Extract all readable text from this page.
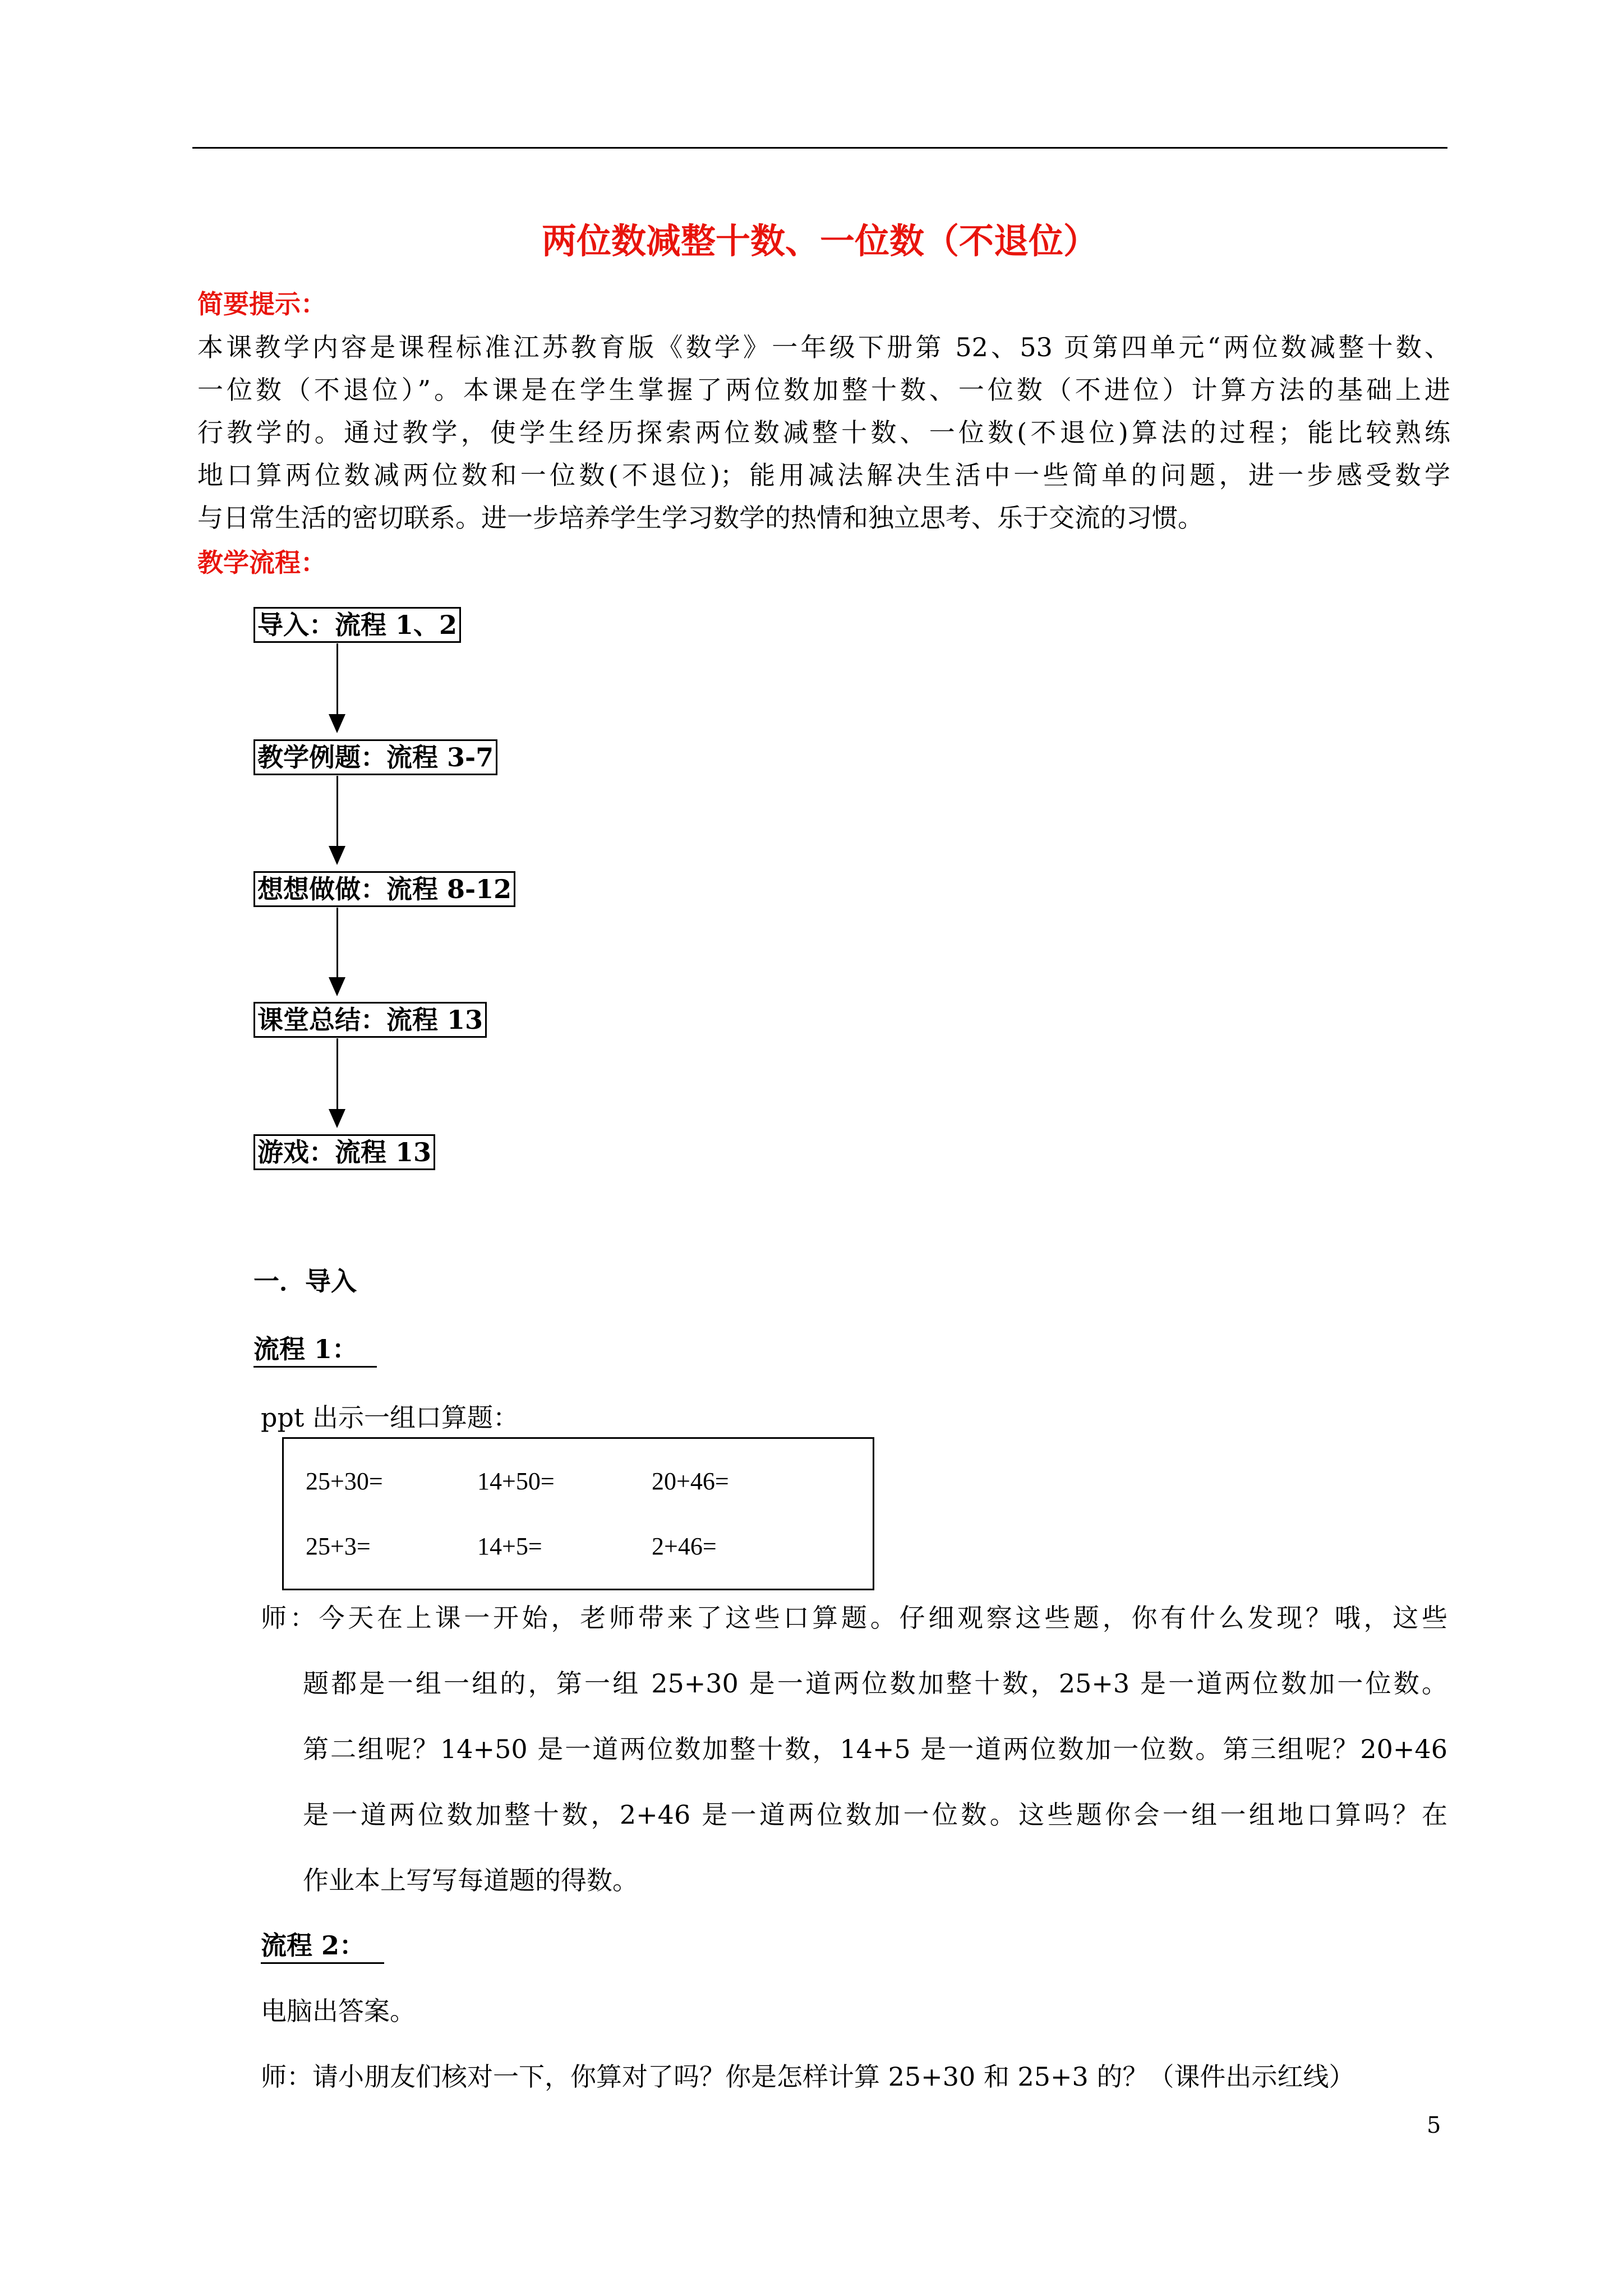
两位数减整十数、一位数（不退位）
简要提示：
本课教学内容是课程标准江苏教育版《数学》一年级下册第 52、53 页第四单元“两位数减整十数、
一位数（不退位）”。本课是在学生掌握了两位数加整十数、一位数（不进位）计算方法的基础上进
行教学的。通过教学，使学生经历探索两位数减整十数、一位数(不退位)算法的过程；能比较熟练
地口算两位数减两位数和一位数(不退位)；能用减法解决生活中一些简单的问题，进一步感受数学
与日常生活的密切联系。进一步培养学生学习数学的热情和独立思考、乐于交流的习惯。
教学流程：
导入：流程 1、2
教学例题：流程 3-7
想想做做：流程 8-12
课堂总结：流程 13
游戏：流程 13
一．导入
流程 1：
ppt 出示一组口算题：
25+30=	14+50=	20+46=
25+3=	14+5=	2+46=
师：今天在上课一开始，老师带来了这些口算题。仔细观察这些题，你有什么发现？哦，这些
题都是一组一组的，第一组 25+30 是一道两位数加整十数，25+3 是一道两位数加一位数。
第二组呢？14+50 是一道两位数加整十数，14+5 是一道两位数加一位数。第三组呢？20+46
是一道两位数加整十数，2+46 是一道两位数加一位数。这些题你会一组一组地口算吗？在
作业本上写写每道题的得数。
流程 2：
电脑出答案。
师：请小朋友们核对一下，你算对了吗？你是怎样计算 25+30 和 25+3 的？（课件出示红线）
5
